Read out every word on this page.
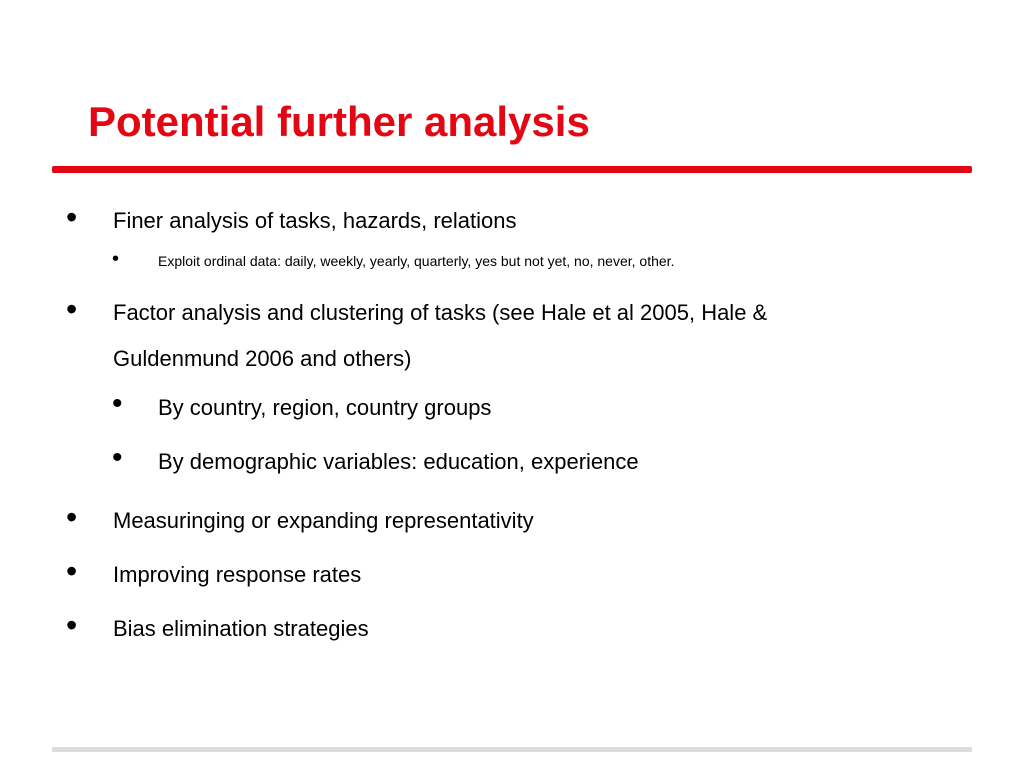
Potential further analysis
• Finer analysis of tasks, hazards, relations
•	Exploit ordinal data: daily, weekly, yearly, quarterly, yes but not yet, no, never, other.
• Factor analysis and clustering of tasks (see Hale et al 2005, Hale &
Guldenmund 2006 and others)
• By country, region, country groups
• By demographic variables: education, experience
• Measuringing or expanding representativity
• Improving response rates
• Bias elimination strategies
